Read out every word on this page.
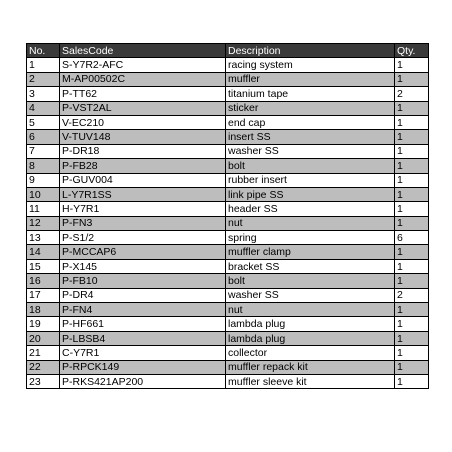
No.	SalesCode	Description	Qty.
1	S-Y7R2-AFC	racing system	1
2	M-AP00502C	muffler	1
3	P-TT62	titanium tape	2
4	P-VST2AL	sticker	1
5	V-EC210	end cap	1
6	V-TUV148	insert SS	1
7	P-DR18	washer SS	1
8	P-FB28	bolt	1
9	P-GUV004	rubber insert	1
10	L-Y7R1SS	link pipe SS	1
11	H-Y7R1	header SS	1
12	P-FN3	nut	1
13	P-S1/2	spring	6
14	P-MCCAP6	muffler clamp	1
15	P-X145	bracket SS	1
16	P-FB10	bolt	1
17	P-DR4	washer SS	2
18	P-FN4	nut	1
19	P-HF661	lambda plug	1
20	P-LBSB4	lambda plug	1
21	C-Y7R1	collector	1
22	P-RPCK149	muffler repack kit	1
23	P-RKS421AP200	muffler sleeve kit	1
